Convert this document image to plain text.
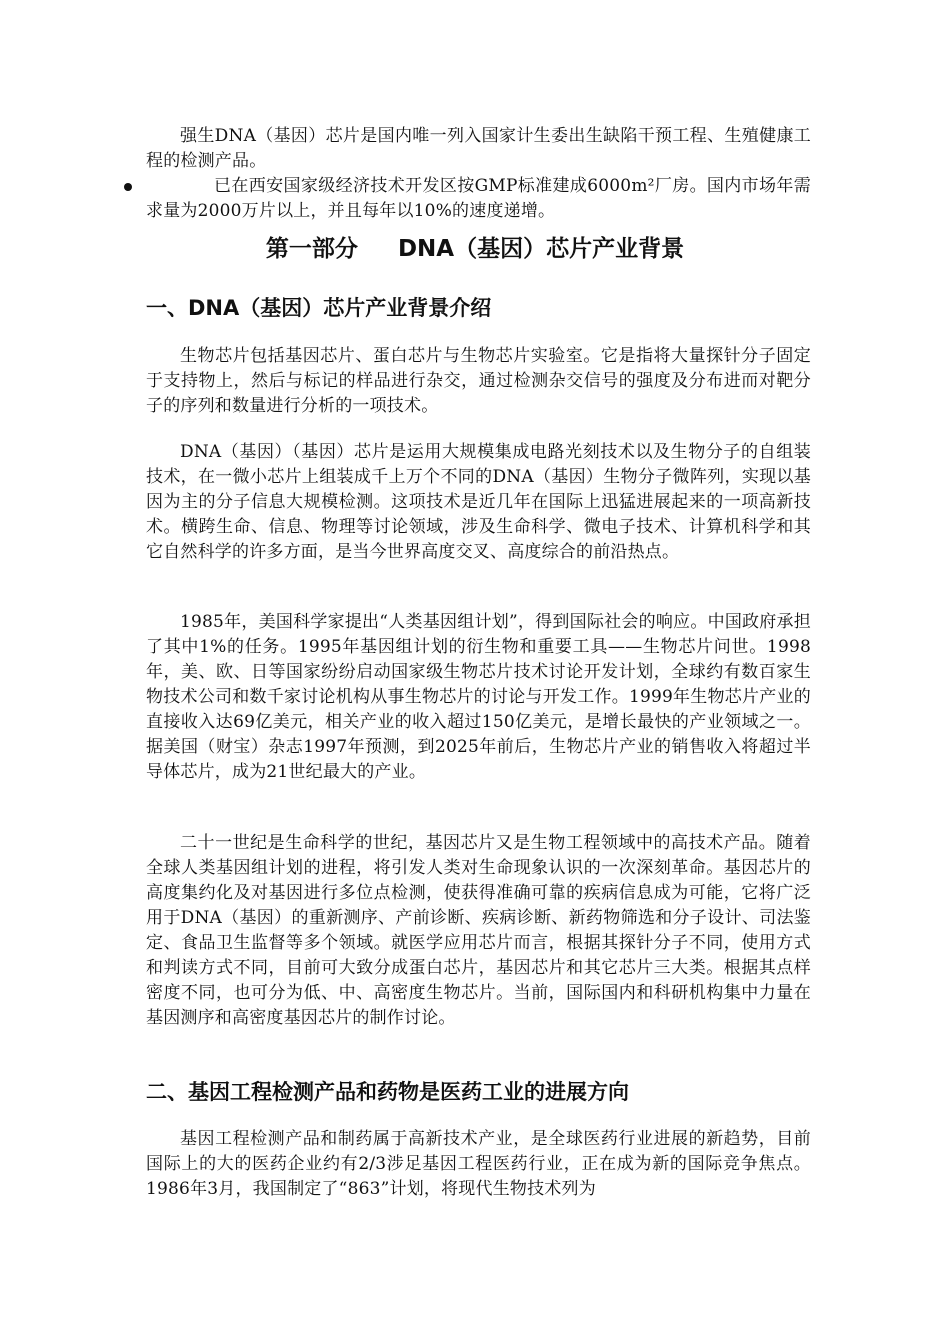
强生DNA（基因）芯片是国内唯一列入国家计生委出生缺陷干预工程、生殖健康工程的检测产品。

已在西安国家级经济技术开发区按GMP标准建成6000m²厂房。国内市场年需求量为2000万片以上，并且每年以10%的速度递增。
第一部分     DNA（基因）芯片产业背景
一、DNA（基因）芯片产业背景介绍

生物芯片包括基因芯片、蛋白芯片与生物芯片实验室。它是指将大量探针分子固定于支持物上，然后与标记的样品进行杂交，通过检测杂交信号的强度及分布进而对靶分子的序列和数量进行分析的一项技术。

DNA（基因）（基因）芯片是运用大规模集成电路光刻技术以及生物分子的自组装技术，在一微小芯片上组装成千上万个不同的DNA（基因）生物分子微阵列，实现以基因为主的分子信息大规模检测。这项技术是近几年在国际上迅猛进展起来的一项高新技术。横跨生命、信息、物理等讨论领域，涉及生命科学、微电子技术、计算机科学和其它自然科学的许多方面，是当今世界高度交叉、高度综合的前沿热点。

1985年，美国科学家提出“人类基因组计划”，得到国际社会的响应。中国政府承担了其中1%的任务。1995年基因组计划的衍生物和重要工具——生物芯片问世。1998年，美、欧、日等国家纷纷启动国家级生物芯片技术讨论开发计划，全球约有数百家生物技术公司和数千家讨论机构从事生物芯片的讨论与开发工作。1999年生物芯片产业的直接收入达69亿美元，相关产业的收入超过150亿美元，是增长最快的产业领域之一。据美国（财宝）杂志1997年预测，到2025年前后，生物芯片产业的销售收入将超过半导体芯片，成为21世纪最大的产业。

二十一世纪是生命科学的世纪，基因芯片又是生物工程领域中的高技术产品。随着全球人类基因组计划的进程，将引发人类对生命现象认识的一次深刻革命。基因芯片的高度集约化及对基因进行多位点检测，使获得准确可靠的疾病信息成为可能，它将广泛用于DNA（基因）的重新测序、产前诊断、疾病诊断、新药物筛选和分子设计、司法鉴定、食品卫生监督等多个领域。就医学应用芯片而言，根据其探针分子不同，使用方式和判读方式不同，目前可大致分成蛋白芯片，基因芯片和其它芯片三大类。根据其点样密度不同，也可分为低、中、高密度生物芯片。当前，国际国内和科研机构集中力量在基因测序和高密度基因芯片的制作讨论。

二、基因工程检测产品和药物是医药工业的进展方向

基因工程检测产品和制药属于高新技术产业，是全球医药行业进展的新趋势，目前国际上的大的医药企业约有2/3涉足基因工程医药行业，正在成为新的国际竞争焦点。1986年3月，我国制定了“863”计划，将现代生物技术列为
